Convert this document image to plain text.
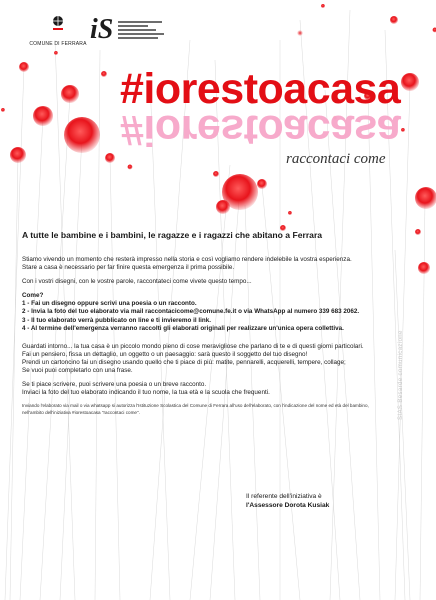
COMUNE DI FERRARA iS
#iorestoacasa
#iorestoacasa
raccontaci come

A tutte le bambine e i bambini, le ragazze e i ragazzi che abitano a Ferrara

Stiamo vivendo un momento che resterà impresso nella storia e così vogliamo rendere indelebile la vostra esperienza.
Stare a casa è necessario per far finire questa emergenza il prima possibile.

Con i vostri disegni, con le vostre parole, raccontateci come vivete questo tempo...

Come?
1 - Fai un disegno oppure scrivi una poesia o un racconto.
2 - Invia la foto del tuo elaborato via mail raccontacicome@comune.fe.it o via WhatsApp al numero 339 683 2062.
3 - Il tuo elaborato verrà pubblicato on line e ti invieremo il link.
4 - Al termine dell'emergenza verranno raccolti gli elaborati originali per realizzare un'unica opera collettiva.

Guardati intorno... la tua casa è un piccolo mondo pieno di cose meravigliose che parlano di te e di questi giorni particolari.
Fai un pensiero, fissa un dettaglio, un oggetto o un paesaggio: sarà questo il soggetto del tuo disegno!
Prendi un cartoncino fai un disegno usando quello che ti piace di più: matite, pennarelli, acquerelli, tempere, collage;
Se vuoi puoi completarlo con una frase.

Se ti piace scrivere, puoi scrivere una poesia o un breve racconto.
Inviaci la foto del tuo elaborato indicando il tuo nome, la tua età e la scuola che frequenti.

Inviando l'elaborato via mail o via whatsapp si autorizza l'Istituzione Scolastica del Comune di Ferrara all'uso dell'elaborato, con l'indicazione del nome ed età del bambino,
nell'ambito dell'iniziativa #iorestoacasa "raccontaci come".

Il referente dell'iniziativa è
l'Assessore Dorota Kusiak
SIAS Besarde comunicazione
